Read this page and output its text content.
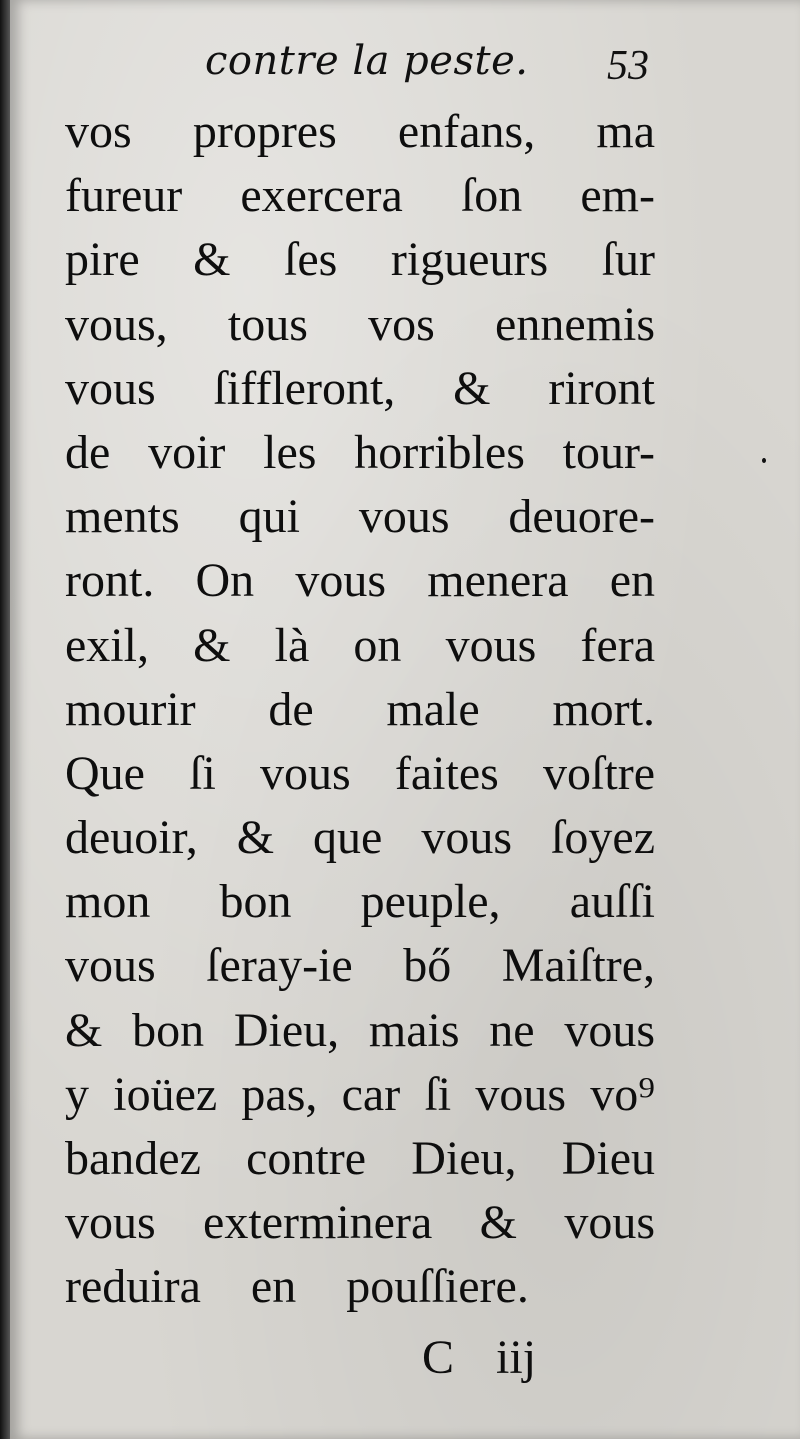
contre la peste. 53
vos propres enfans, ma
fureur exercera ſon em-
pire & ſes rigueurs ſur
vous, tous vos ennemis
vous ſiffleront, & riront
de voir les horribles tour-
ments qui vous deuore-
ront. On vous menera en
exil, & là on vous fera
mourir de male mort.
Que ſi vous faites voſtre
deuoir, & que vous ſoyez
mon bon peuple, auſſi
vous ſeray-ie bő Maiſtre,
& bon Dieu, mais ne vous
y ioüez pas, car ſi vous vo⁹
bandez contre Dieu, Dieu
vous exterminera & vous
reduira en pouſſiere.
C iij
